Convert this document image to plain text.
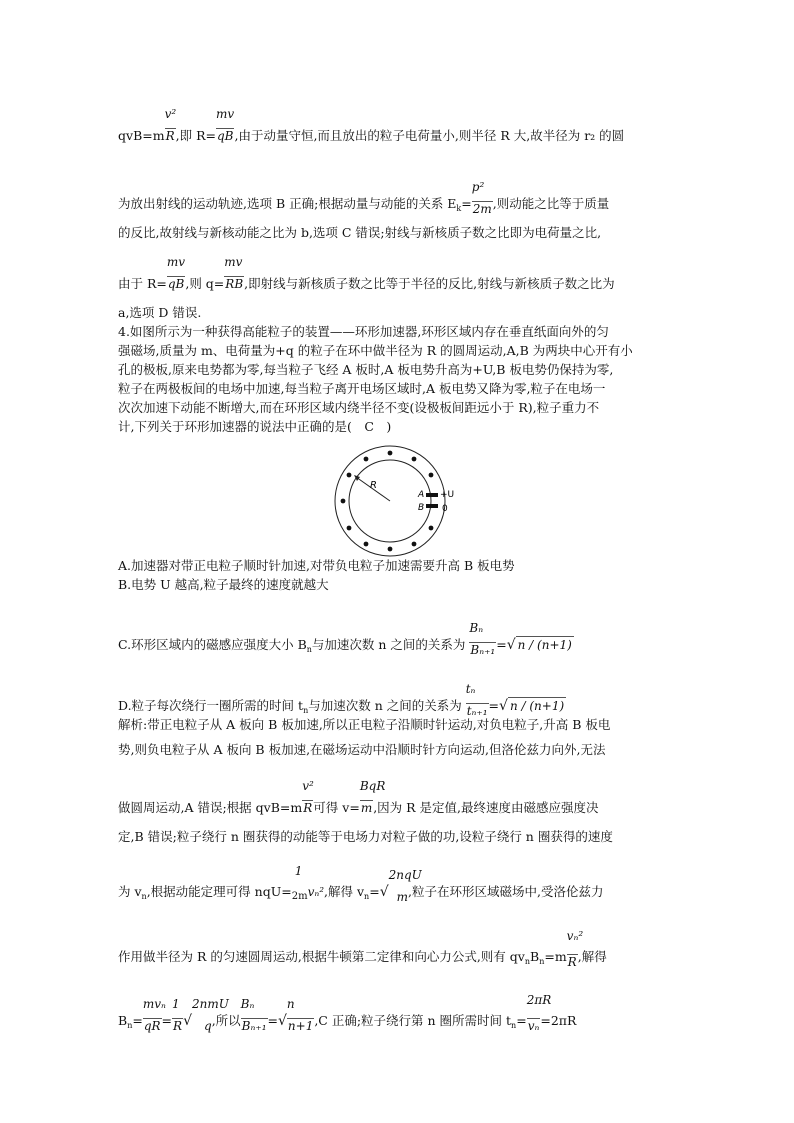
$qvB=m \frac{\text{v²}}{R}$,即 $R= \frac{mv}{qB}$,由于动量守恒,而且放出的粒子电荷量小,则半径 R 大,故半径为 r₂ 的圆
为放出射线的运动轨迹,选项 B 正确;根据动量与动能的关系 $E_k= \frac{\text{p²}}{2m}$,则动能之比等于质量
的反比,故射线与新核动能之比为 b,选项 C 错误;射线与新核质子数之比即为电荷量之比,
由于 $R= \frac{mv}{qB}$,则 $q= \frac{mv}{RB}$,即射线与新核质子数之比等于半径的反比,射线与新核质子数之比为
a,选项 D 错误.
4.如图所示为一种获得高能粒子的装置——环形加速器,环形区域内存在垂直纸面向外的匀
强磁场,质量为 m、电荷量为+q 的粒子在环中做半径为 R 的圆周运动,A,B 为两块中心开有小
孔的极板,原来电势都为零,每当粒子飞经 A 板时,A 板电势升高为+U,B 板电势仍保持为零,
粒子在两极板间的电场中加速,每当粒子离开电场区域时,A 板电势又降为零,粒子在电场一
次次加速下动能不断增大,而在环形区域内绕半径不变(设极板间距远小于 R),粒子重力不
计,下列关于环形加速器的说法中正确的是(　C　)
R
A
B
+U
0
A.加速器对带正电粒子顺时针加速,对带负电粒子加速需要升高 B 板电势
B.电势 U 越高,粒子最终的速度就越大
C.环形区域内的磁感应强度大小 $B_n$与加速次数 n 之间的关系为 $\frac{\text{Bₙ}}{\text{Bₙ₊₁}}=√$ n / (n+1)
D.粒子每次绕行一圈所需的时间 $t_n$与加速次数 n 之间的关系为 $\frac{\text{tₙ}}{\text{tₙ₊₁}}=√$ n / (n+1)
解析:带正电粒子从 A 板向 B 板加速,所以正电粒子沿顺时针运动,对负电粒子,升高 B 板电
势,则负电粒子从 A 板向 B 板加速,在磁场运动中沿顺时针方向运动,但洛伦兹力向外,无法
做圆周运动,A 错误;根据 $qvB=m \frac{\text{v²}}{R}$可得 $v= \frac{\text{BqR}}{m}$,因为 R 是定值,最终速度由磁感应强度决
定,B 错误;粒子绕行 n 圈获得的动能等于电场力对粒子做的功,设粒子绕行 n 圈获得的速度
为 $v_n$,根据动能定理可得 nqU=
1
2mvₙ²,解得 $v_n=√$
2nqU
m,粒子在环形区域磁场中,受洛伦兹力
作用做半径为 R 的匀速圆周运动,根据牛顿第二定律和向心力公式,则有 $qv_nB_n=m \frac{\text{vₙ²}}{R}$,解得
$B_n= \frac{\text{mvₙ}}{qR}= \frac{1}{R}√$
2nmU
q,所以 $\frac{\text{Bₙ}}{\text{Bₙ₊₁}}=√ \frac{n}{n+1},C$ 正确;粒子绕行第 n 圈所需时间 $t_n= \frac{2\pi R}{\text{vₙ}}=2\pi R$
